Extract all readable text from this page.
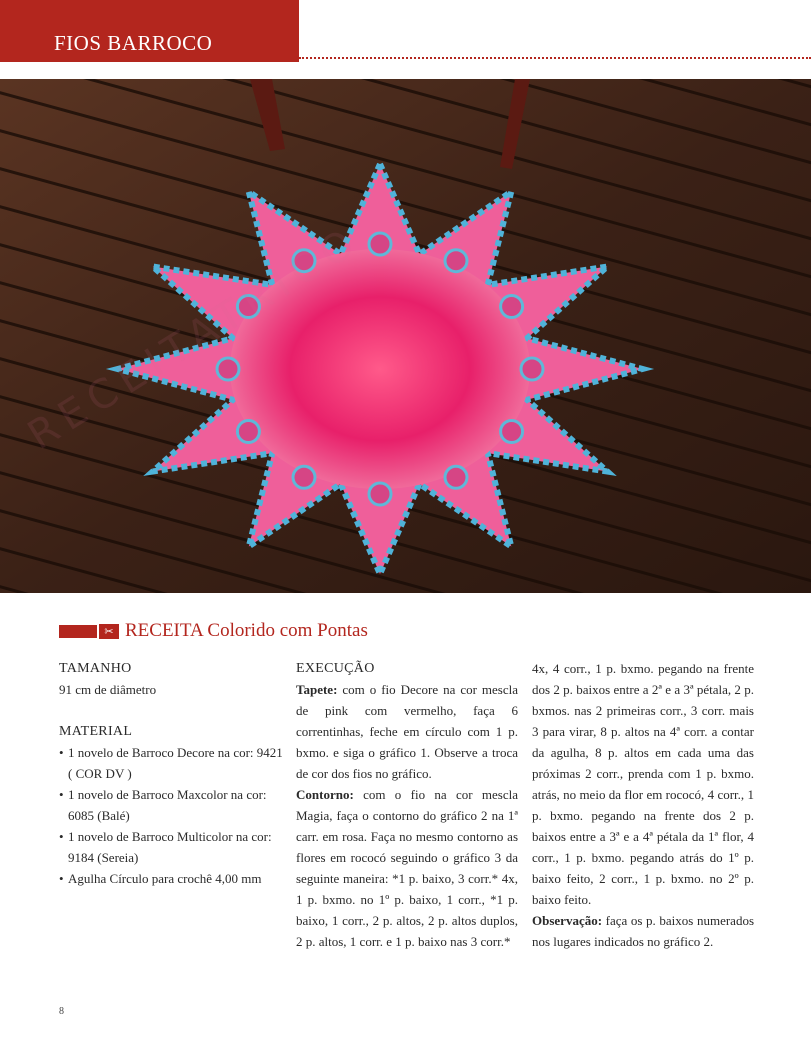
FIOS BARROCO
✂ RECEITA Colorido com Pontas
TAMANHO
91 cm de diâmetro
MATERIAL
• 1 novelo de Barroco Decore na cor: 9421 ( COR DV )
• 1 novelo de Barroco Maxcolor na cor: 6085 (Balé)
• 1 novelo de Barroco Multicolor na cor: 9184 (Sereia)
• Agulha Círculo para crochê 4,00 mm
EXECUÇÃO

Tapete: com o fio Decore na cor mescla de pink com vermelho, faça 6 correntinhas, feche em círculo com 1 p. bxmo. e siga o gráfico 1. Observe a troca de cor dos fios no gráfico.

Contorno: com o fio na cor mescla Magia, faça o contorno do gráfico 2 na 1ª carr. em rosa. Faça no mesmo contorno as flores em rococó seguindo o gráfico 3 da seguinte maneira: *1 p. baixo, 3 corr.* 4x, 1 p. bxmo. no 1º p. baixo, 1 corr., *1 p. baixo, 1 corr., 2 p. altos, 2 p. altos duplos, 2 p. altos, 1 corr. e 1 p. baixo nas 3 corr.*

4x, 4 corr., 1 p. bxmo. pegando na frente dos 2 p. baixos entre a 2ª e a 3ª pétala, 2 p. bxmos. nas 2 primeiras corr., 3 corr. mais 3 para virar, 8 p. altos na 4ª corr. a contar da agulha, 8 p. altos em cada uma das próximas 2 corr., prenda com 1 p. bxmo. atrás, no meio da flor em rococó, 4 corr., 1 p. bxmo. pegando na frente dos 2 p. baixos entre a 3ª e a 4ª pétala da 1ª flor, 4 corr., 1 p. bxmo. pegando atrás do 1º p. baixo feito, 2 corr., 1 p. bxmo. no 2º p. baixo feito.

Observação: faça os p. baixos numerados nos lugares indicados no gráfico 2.

8
